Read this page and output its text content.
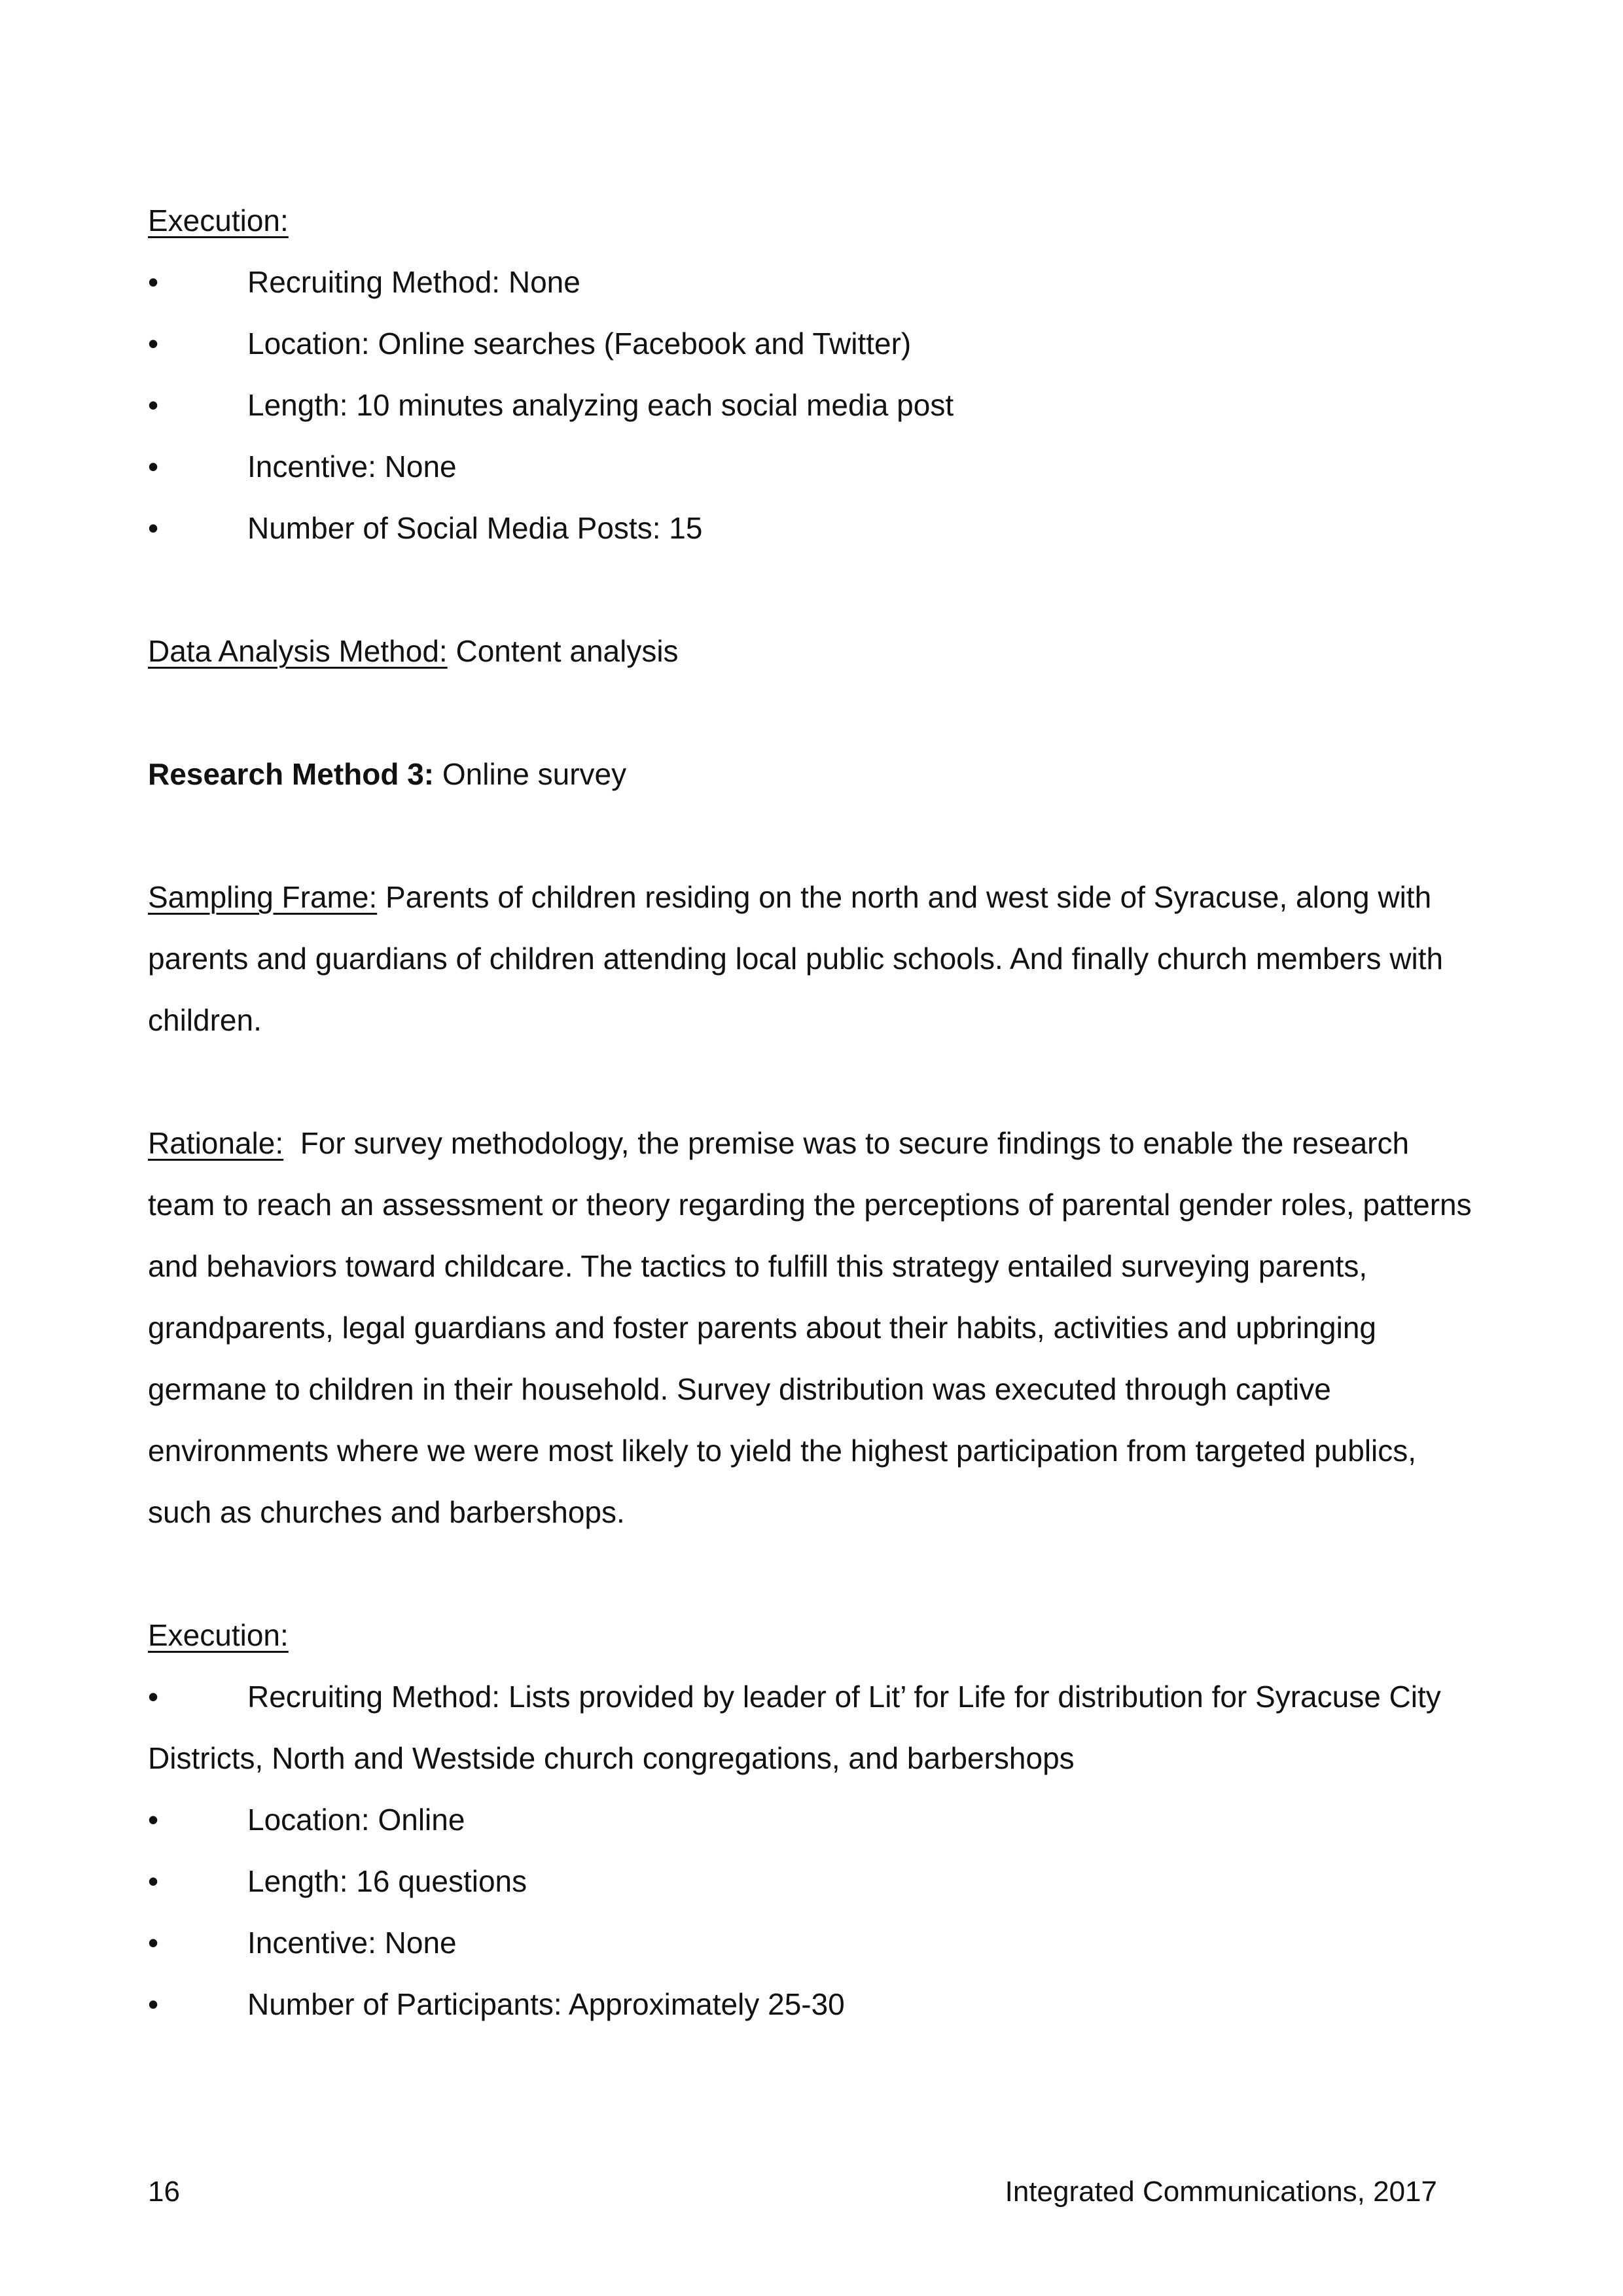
Execution:

•	Recruiting Method: None
•	Location: Online searches (Facebook and Twitter)
•	Length: 10 minutes analyzing each social media post
•	Incentive: None
•	Number of Social Media Posts: 15

Data Analysis Method: Content analysis

Research Method 3: Online survey

Sampling Frame: Parents of children residing on the north and west side of Syracuse, along with parents and guardians of children attending local public schools. And finally church members with children.

Rationale:  For survey methodology, the premise was to secure findings to enable the research team to reach an assessment or theory regarding the perceptions of parental gender roles, patterns and behaviors toward childcare. The tactics to fulfill this strategy entailed surveying parents, grandparents, legal guardians and foster parents about their habits, activities and upbringing germane to children in their household. Survey distribution was executed through captive environments where we were most likely to yield the highest participation from targeted publics, such as churches and barbershops.

Execution:

•	Recruiting Method: Lists provided by leader of Lit’ for Life for distribution for Syracuse City Districts, North and Westside church congregations, and barbershops

•	Location: Online
•	Length: 16 questions
•	Incentive: None
•	Number of Participants: Approximately 25-30
16	Integrated Communications, 2017
